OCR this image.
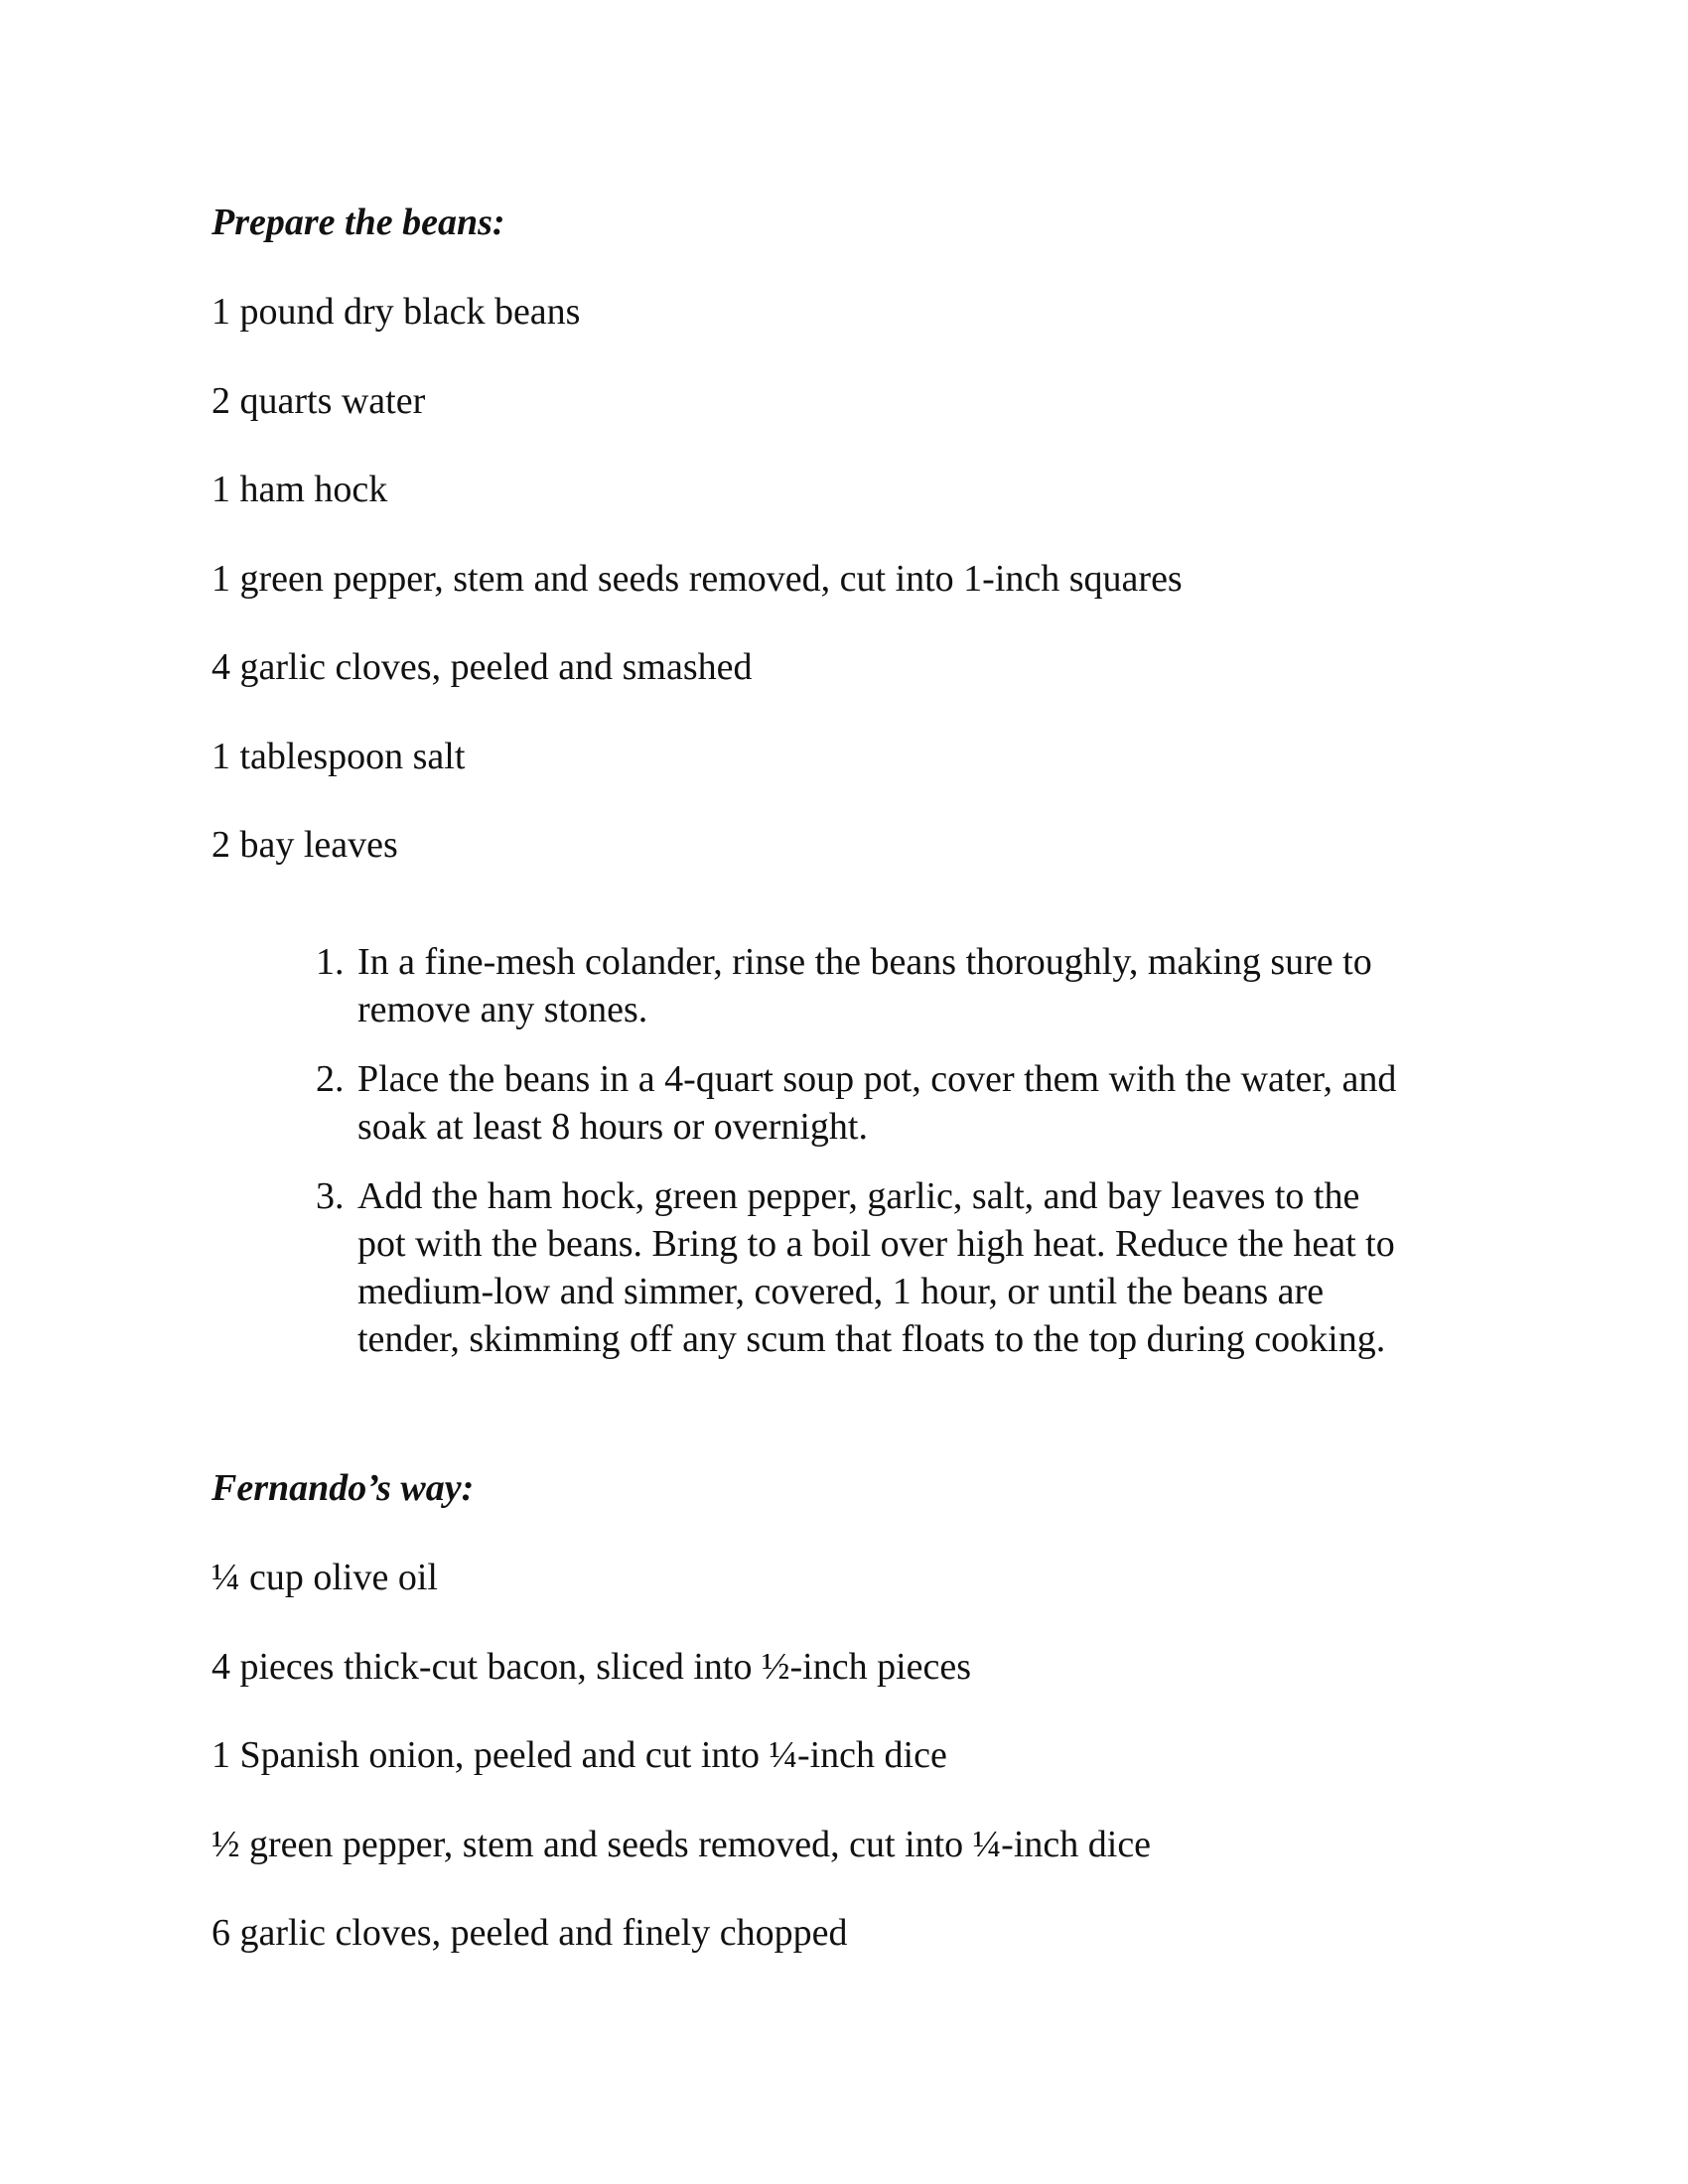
Prepare the beans:
1 pound dry black beans
2 quarts water
1 ham hock
1 green pepper, stem and seeds removed, cut into 1-inch squares
4 garlic cloves, peeled and smashed
1 tablespoon salt
2 bay leaves
1. In a fine-mesh colander, rinse the beans thoroughly, making sure to remove any stones.
2. Place the beans in a 4-quart soup pot, cover them with the water, and soak at least 8 hours or overnight.
3. Add the ham hock, green pepper, garlic, salt, and bay leaves to the pot with the beans. Bring to a boil over high heat. Reduce the heat to medium-low and simmer, covered, 1 hour, or until the beans are tender, skimming off any scum that floats to the top during cooking.
Fernando’s way:
¼ cup olive oil
4 pieces thick-cut bacon, sliced into ½-inch pieces
1 Spanish onion, peeled and cut into ¼-inch dice
½ green pepper, stem and seeds removed, cut into ¼-inch dice
6 garlic cloves, peeled and finely chopped
